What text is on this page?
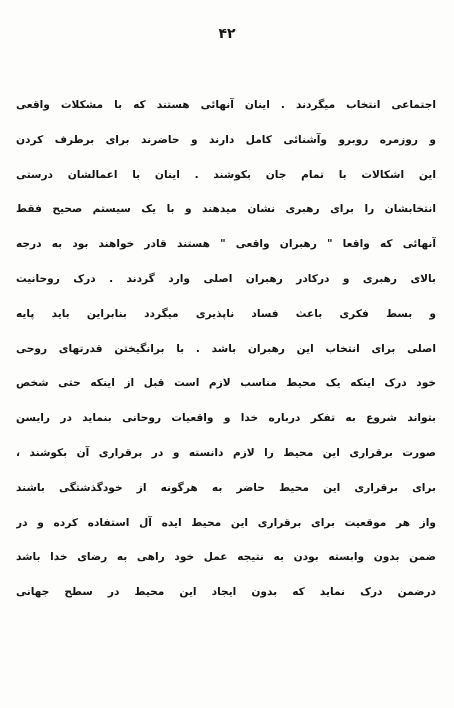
۴۲
اجتماعی انتخاب میگردند . اینان آنهائی هستند که با مشکلات واقعی
و روزمره روبرو وآشنائی کامل دارند و حاضرند برای برطرف کردن
این اشکالات با تمام جان بکوشند . اینان با اعمالشان درستی
انتخابشان را برای رهبری نشان میدهند و با یک سیستم صحیح فقط
آنهائی که واقعا " رهبران واقعی " هستند قادر خواهند بود به درجه
بالای رهبری و درکادر رهبران اصلی وارد گردند . درک روحانیت
و بسط فکری باعث فساد ناپذیری میگردد بنابراین باید پایه
اصلی برای انتخاب این رهبران باشد . با برانگیختن قدرتهای روحی
خود درک اینکه یک محیط مناسب لازم است قبل از اینکه حتی شخص
بتواند شروع به تفکر درباره خدا و واقعیات روحانی بنماید در رایسن
صورت برقراری این محیط را لازم دانسته و در برقراری آن بکوشند ،
برای برقراری این محیط حاضر به هرگونه از خودگذشتگی باشند
واز هر موقعیت برای برقراری این محیط ایده آل استفاده کرده و در
ضمن بدون وابسته بودن به نتیجه عمل خود راهی به رضای خدا باشد
درضمن درک نماید که بدون ایجاد این محیط در سطح جهانی
